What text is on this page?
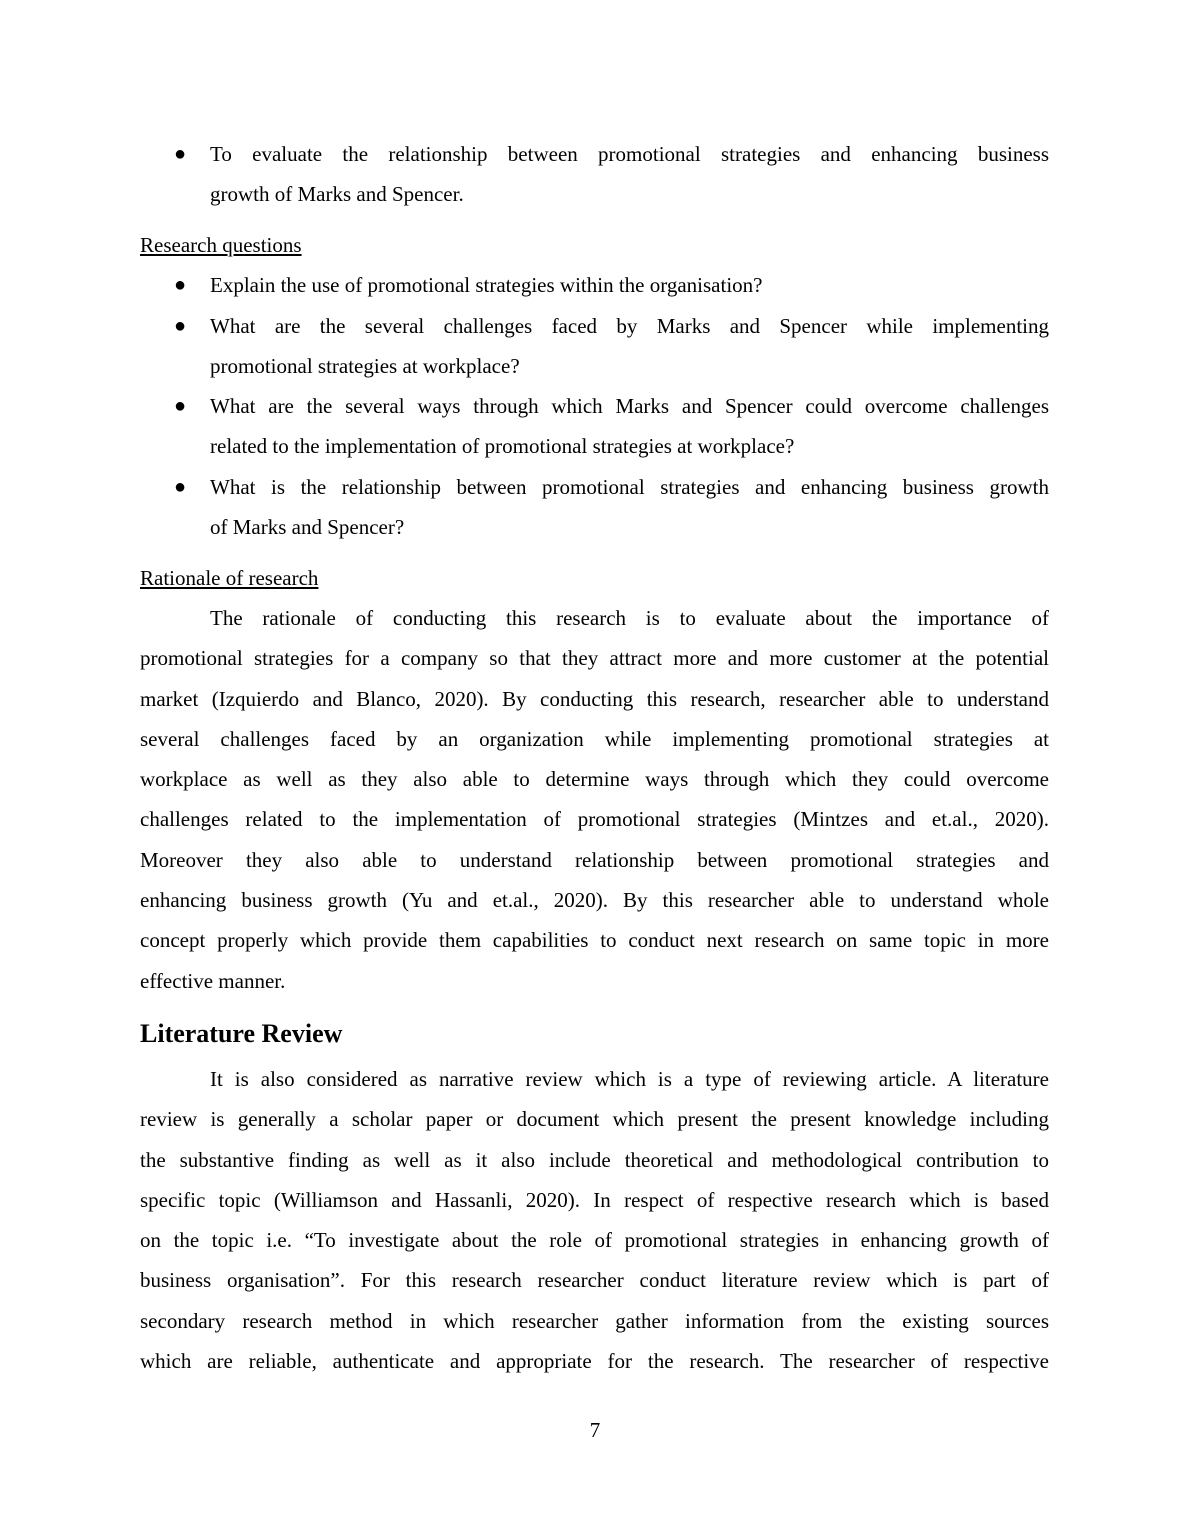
● To evaluate the relationship between promotional strategies and enhancing business
growth of Marks and Spencer.
Research questions
● Explain the use of promotional strategies within the organisation?
● What are the several challenges faced by Marks and Spencer while implementing
promotional strategies at workplace?
● What are the several ways through which Marks and Spencer could overcome challenges
related to the implementation of promotional strategies at workplace?
● What is the relationship between promotional strategies and enhancing business growth
of Marks and Spencer?
Rationale of research
The rationale of conducting this research is to evaluate about the importance of
promotional strategies for a company so that they attract more and more customer at the potential
market (Izquierdo and Blanco, 2020). By conducting this research, researcher able to understand
several challenges faced by an organization while implementing promotional strategies at
workplace as well as they also able to determine ways through which they could overcome
challenges related to the implementation of promotional strategies (Mintzes and et.al., 2020).
Moreover they also able to understand relationship between promotional strategies and
enhancing business growth (Yu and et.al., 2020). By this researcher able to understand whole
concept properly which provide them capabilities to conduct next research on same topic in more
effective manner.
Literature Review
It is also considered as narrative review which is a type of reviewing article. A literature
review is generally a scholar paper or document which present the present knowledge including
the substantive finding as well as it also include theoretical and methodological contribution to
specific topic (Williamson and Hassanli, 2020). In respect of respective research which is based
on the topic i.e. “To investigate about the role of promotional strategies in enhancing growth of
business organisation”. For this research researcher conduct literature review which is part of
secondary research method in which researcher gather information from the existing sources
which are reliable, authenticate and appropriate for the research. The researcher of respective
7
